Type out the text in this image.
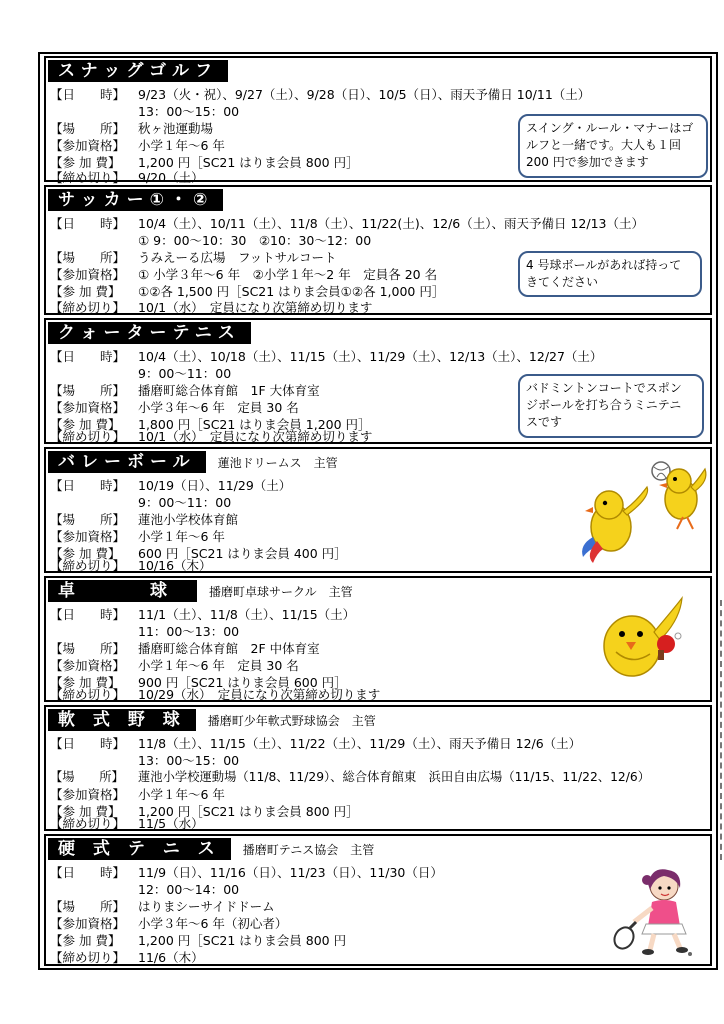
スナッグゴルフ
【日　　時】 9/23（火・祝）、9/27（土）、9/28（日）、10/5（日）、雨天予備日 10/11（土）
13：00〜15：00
【場　　所】 秋ヶ池運動場
【参加資格】 小学１年〜6 年
【参 加 費】 1,200 円［SC21 はりま会員 800 円］
【締め切り】 9/20（土）
スイング・ルール・マナーはゴ
ルフと一緒です。大人も１回
200 円で参加できます
サッカー①・②
【日　　時】 10/4（土）、10/11（土）、11/8（土）、11/22(土)、12/6（土）、雨天予備日 12/13（土）
① 9：00〜10：30　②10：30〜12：00
【場　　所】 うみえーる広場　フットサルコート
【参加資格】 ① 小学３年〜6 年　②小学１年〜2 年　定員各 20 名
【参 加 費】 ①②各 1,500 円［SC21 はりま会員①②各 1,000 円］
【締め切り】 10/1（水）　定員になり次第締め切ります
4 号球ボールがあれば持って
きてください
クォーターテニス
【日　　時】 10/4（土）、10/18（土）、11/15（土）、11/29（土）、12/13（土）、12/27（土）
9：00〜11：00
【場　　所】 播磨町総合体育館　1F 大体育室
【参加資格】 小学３年〜6 年　定員 30 名
【参 加 費】 1,800 円［SC21 はりま会員 1,200 円］
【締め切り】 10/1（水）　定員になり次第締め切ります
バドミントンコートでスポン
ジボールを打ち合うミニテニ
スです
バレーボール	蓮池ドリームス　主管
【日　　時】 10/19（日）、11/29（土）
9：00〜11：00
【場　　所】 蓮池小学校体育館
【参加資格】 小学１年〜6 年
【参 加 費】 600 円［SC21 はりま会員 400 円］
【締め切り】 10/16（木）
卓　　　球	播磨町卓球サークル　主管
【日　　時】 11/1（土）、11/8（土）、11/15（土）
11：00〜13：00
【場　　所】 播磨町総合体育館　2F 中体育室
【参加資格】 小学１年〜6 年　定員 30 名
【参 加 費】 900 円［SC21 はりま会員 600 円］
【締め切り】 10/29（水）　定員になり次第締め切ります
軟 式 野 球	播磨町少年軟式野球協会　主管
【日　　時】 11/8（土）、11/15（土）、11/22（土）、11/29（土）、雨天予備日 12/6（土）
13：00〜15：00
【場　　所】 蓮池小学校運動場（11/8、11/29）、総合体育館東　浜田自由広場（11/15、11/22、12/6）
【参加資格】 小学１年〜6 年
【参 加 費】 1,200 円［SC21 はりま会員 800 円］
【締め切り】 11/5（水）
硬 式 テ ニ ス	播磨町テニス協会　主管
【日　　時】 11/9（日）、11/16（日）、11/23（日）、11/30（日）
12：00〜14：00
【場　　所】 はりまシーサイドドーム
【参加資格】 小学３年〜6 年（初心者）
【参 加 費】 1,200 円［SC21 はりま会員 800 円
【締め切り】 11/6（木）
